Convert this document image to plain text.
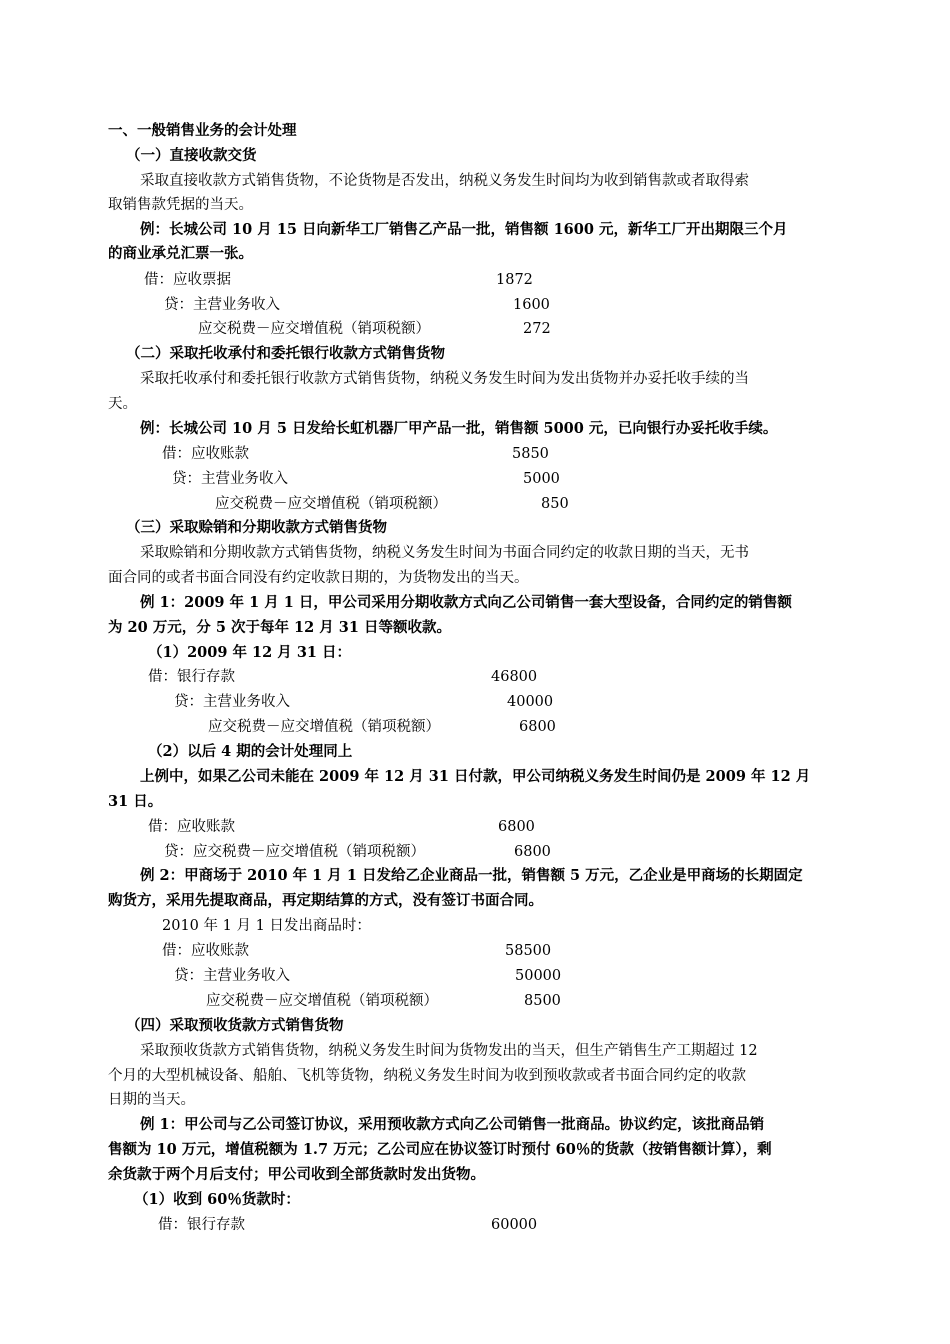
一、一般销售业务的会计处理
（一）直接收款交货
采取直接收款方式销售货物，不论货物是否发出，纳税义务发生时间均为收到销售款或者取得索
取销售款凭据的当天。
例：长城公司 10 月 15 日向新华工厂销售乙产品一批，销售额 1600 元，新华工厂开出期限三个月
的商业承兑汇票一张。
借：应收票据	1872
贷：主营业务收入	1600
应交税费－应交增值税（销项税额）	272
（二）采取托收承付和委托银行收款方式销售货物
采取托收承付和委托银行收款方式销售货物，纳税义务发生时间为发出货物并办妥托收手续的当
天。
例：长城公司 10 月 5 日发给长虹机器厂甲产品一批，销售额 5000 元，已向银行办妥托收手续。
借：应收账款	5850
贷：主营业务收入	5000
应交税费－应交增值税（销项税额）	850
（三）采取赊销和分期收款方式销售货物
采取赊销和分期收款方式销售货物，纳税义务发生时间为书面合同约定的收款日期的当天，无书
面合同的或者书面合同没有约定收款日期的，为货物发出的当天。
例 1：2009 年 1 月 1 日，甲公司采用分期收款方式向乙公司销售一套大型设备，合同约定的销售额
为 20 万元，分 5 次于每年 12 月 31 日等额收款。
（1）2009 年 12 月 31 日：
借：银行存款	46800
贷：主营业务收入	40000
应交税费－应交增值税（销项税额）	6800
（2）以后 4 期的会计处理同上
上例中，如果乙公司未能在 2009 年 12 月 31 日付款，甲公司纳税义务发生时间仍是 2009 年 12 月
31 日。
借：应收账款	6800
贷：应交税费－应交增值税（销项税额）	6800
例 2：甲商场于 2010 年 1 月 1 日发给乙企业商品一批，销售额 5 万元，乙企业是甲商场的长期固定
购货方，采用先提取商品，再定期结算的方式，没有签订书面合同。
2010 年 1 月 1 日发出商品时：
借：应收账款	58500
贷：主营业务收入	50000
应交税费－应交增值税（销项税额）	8500
（四）采取预收货款方式销售货物
采取预收货款方式销售货物，纳税义务发生时间为货物发出的当天，但生产销售生产工期超过 12
个月的大型机械设备、船舶、飞机等货物，纳税义务发生时间为收到预收款或者书面合同约定的收款
日期的当天。
例 1：甲公司与乙公司签订协议，采用预收款方式向乙公司销售一批商品。协议约定，该批商品销
售额为 10 万元，增值税额为 1.7 万元；乙公司应在协议签订时预付 60％的货款（按销售额计算），剩
余货款于两个月后支付；甲公司收到全部货款时发出货物。
（1）收到 60％货款时：
借：银行存款	60000
